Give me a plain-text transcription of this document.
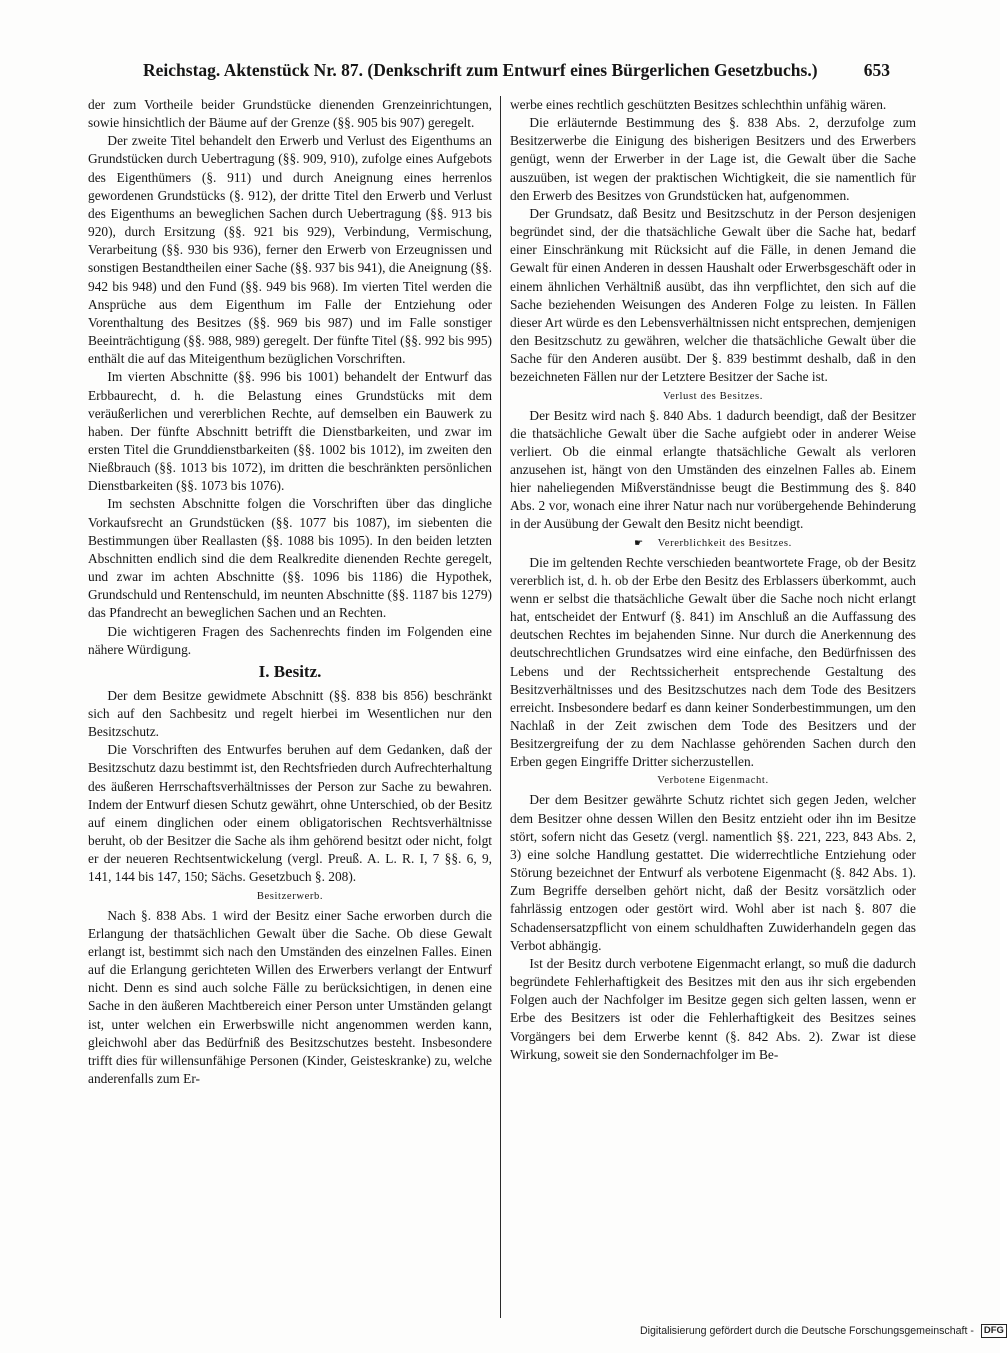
Reichstag. Aktenstück Nr. 87. (Denkschrift zum Entwurf eines Bürgerlichen Gesetzbuchs.)	653

der zum Vortheile beider Grundstücke dienenden Grenzeinrichtungen, sowie hinsichtlich der Bäume auf der Grenze (§§. 905 bis 907) geregelt.

Der zweite Titel behandelt den Erwerb und Verlust des Eigenthums an Grundstücken durch Uebertragung (§§. 909, 910), zufolge eines Aufgebots des Eigenthümers (§. 911) und durch Aneignung eines herrenlos gewordenen Grundstücks (§. 912), der dritte Titel den Erwerb und Verlust des Eigenthums an beweglichen Sachen durch Uebertragung (§§. 913 bis 920), durch Ersitzung (§§. 921 bis 929), Verbindung, Vermischung, Verarbeitung (§§. 930 bis 936), ferner den Erwerb von Erzeugnissen und sonstigen Bestandtheilen einer Sache (§§. 937 bis 941), die Aneignung (§§. 942 bis 948) und den Fund (§§. 949 bis 968). Im vierten Titel werden die Ansprüche aus dem Eigenthum im Falle der Entziehung oder Vorenthaltung des Besitzes (§§. 969 bis 987) und im Falle sonstiger Beeinträchtigung (§§. 988, 989) geregelt. Der fünfte Titel (§§. 992 bis 995) enthält die auf das Miteigenthum bezüglichen Vorschriften.

Im vierten Abschnitte (§§. 996 bis 1001) behandelt der Entwurf das Erbbaurecht, d. h. die Belastung eines Grundstücks mit dem veräußerlichen und vererblichen Rechte, auf demselben ein Bauwerk zu haben. Der fünfte Abschnitt betrifft die Dienstbarkeiten, und zwar im ersten Titel die Grunddienstbarkeiten (§§. 1002 bis 1012), im zweiten den Nießbrauch (§§. 1013 bis 1072), im dritten die beschränkten persönlichen Dienstbarkeiten (§§. 1073 bis 1076).

Im sechsten Abschnitte folgen die Vorschriften über das dingliche Vorkaufsrecht an Grundstücken (§§. 1077 bis 1087), im siebenten die Bestimmungen über Reallasten (§§. 1088 bis 1095). In den beiden letzten Abschnitten endlich sind die dem Realkredite dienenden Rechte geregelt, und zwar im achten Abschnitte (§§. 1096 bis 1186) die Hypothek, Grundschuld und Rentenschuld, im neunten Abschnitte (§§. 1187 bis 1279) das Pfandrecht an beweglichen Sachen und an Rechten.

Die wichtigeren Fragen des Sachenrechts finden im Folgenden eine nähere Würdigung.

I. Besitz.

Der dem Besitze gewidmete Abschnitt (§§. 838 bis 856) beschränkt sich auf den Sachbesitz und regelt hierbei im Wesentlichen nur den Besitzschutz.

Die Vorschriften des Entwurfes beruhen auf dem Gedanken, daß der Besitzschutz dazu bestimmt ist, den Rechtsfrieden durch Aufrechterhaltung des äußeren Herrschaftsverhältnisses der Person zur Sache zu bewahren. Indem der Entwurf diesen Schutz gewährt, ohne Unterschied, ob der Besitz auf einem dinglichen oder einem obligatorischen Rechtsverhältnisse beruht, ob der Besitzer die Sache als ihm gehörend besitzt oder nicht, folgt er der neueren Rechtsentwickelung (vergl. Preuß. A. L. R. I, 7 §§. 6, 9, 141, 144 bis 147, 150; Sächs. Gesetzbuch §. 208).

Besitzerwerb.

Nach §. 838 Abs. 1 wird der Besitz einer Sache erworben durch die Erlangung der thatsächlichen Gewalt über die Sache. Ob diese Gewalt erlangt ist, bestimmt sich nach den Umständen des einzelnen Falles. Einen auf die Erlangung gerichteten Willen des Erwerbers verlangt der Entwurf nicht. Denn es sind auch solche Fälle zu berücksichtigen, in denen eine Sache in den äußeren Machtbereich einer Person unter Umständen gelangt ist, unter welchen ein Erwerbswille nicht angenommen werden kann, gleichwohl aber das Bedürfniß des Besitzschutzes besteht. Insbesondere trifft dies für willensunfähige Personen (Kinder, Geisteskranke) zu, welche anderenfalls zum Er-

werbe eines rechtlich geschützten Besitzes schlechthin unfähig wären.

Die erläuternde Bestimmung des §. 838 Abs. 2, derzufolge zum Besitzerwerbe die Einigung des bisherigen Besitzers und des Erwerbers genügt, wenn der Erwerber in der Lage ist, die Gewalt über die Sache auszuüben, ist wegen der praktischen Wichtigkeit, die sie namentlich für den Erwerb des Besitzes von Grundstücken hat, aufgenommen.

Der Grundsatz, daß Besitz und Besitzschutz in der Person desjenigen begründet sind, der die thatsächliche Gewalt über die Sache hat, bedarf einer Einschränkung mit Rücksicht auf die Fälle, in denen Jemand die Gewalt für einen Anderen in dessen Haushalt oder Erwerbsgeschäft oder in einem ähnlichen Verhältniß ausübt, das ihn verpflichtet, den sich auf die Sache beziehenden Weisungen des Anderen Folge zu leisten. In Fällen dieser Art würde es den Lebensverhältnissen nicht entsprechen, demjenigen den Besitzschutz zu gewähren, welcher die thatsächliche Gewalt über die Sache für den Anderen ausübt. Der §. 839 bestimmt deshalb, daß in den bezeichneten Fällen nur der Letztere Besitzer der Sache ist.

Verlust des Besitzes.

Der Besitz wird nach §. 840 Abs. 1 dadurch beendigt, daß der Besitzer die thatsächliche Gewalt über die Sache aufgiebt oder in anderer Weise verliert. Ob die einmal erlangte thatsächliche Gewalt als verloren anzusehen ist, hängt von den Umständen des einzelnen Falles ab. Einem hier naheliegenden Mißverständnisse beugt die Bestimmung des §. 840 Abs. 2 vor, wonach eine ihrer Natur nach nur vorübergehende Behinderung in der Ausübung der Gewalt den Besitz nicht beendigt.

☛ Vererblichkeit des Besitzes.

Die im geltenden Rechte verschieden beantwortete Frage, ob der Besitz vererblich ist, d. h. ob der Erbe den Besitz des Erblassers überkommt, auch wenn er selbst die thatsächliche Gewalt über die Sache noch nicht erlangt hat, entscheidet der Entwurf (§. 841) im Anschluß an die Auffassung des deutschen Rechtes im bejahenden Sinne. Nur durch die Anerkennung des deutschrechtlichen Grundsatzes wird eine einfache, den Bedürfnissen des Lebens und der Rechtssicherheit entsprechende Gestaltung des Besitzverhältnisses und des Besitzschutzes nach dem Tode des Besitzers erreicht. Insbesondere bedarf es dann keiner Sonderbestimmungen, um den Nachlaß in der Zeit zwischen dem Tode des Besitzers und der Besitzergreifung der zu dem Nachlasse gehörenden Sachen durch den Erben gegen Eingriffe Dritter sicherzustellen.

Verbotene Eigenmacht.

Der dem Besitzer gewährte Schutz richtet sich gegen Jeden, welcher dem Besitzer ohne dessen Willen den Besitz entzieht oder ihn im Besitze stört, sofern nicht das Gesetz (vergl. namentlich §§. 221, 223, 843 Abs. 2, 3) eine solche Handlung gestattet. Die widerrechtliche Entziehung oder Störung bezeichnet der Entwurf als verbotene Eigenmacht (§. 842 Abs. 1). Zum Begriffe derselben gehört nicht, daß der Besitz vorsätzlich oder fahrlässig entzogen oder gestört wird. Wohl aber ist nach §. 807 die Schadensersatzpflicht von einem schuldhaften Zuwiderhandeln gegen das Verbot abhängig.

Ist der Besitz durch verbotene Eigenmacht erlangt, so muß die dadurch begründete Fehlerhaftigkeit des Besitzes mit den aus ihr sich ergebenden Folgen auch der Nachfolger im Besitze gegen sich gelten lassen, wenn er Erbe des Besitzers ist oder die Fehlerhaftigkeit des Besitzes seines Vorgängers bei dem Erwerbe kennt (§. 842 Abs. 2). Zwar ist diese Wirkung, soweit sie den Sondernachfolger im Be-

Digitalisierung gefördert durch die Deutsche Forschungsgemeinschaft - DFG
